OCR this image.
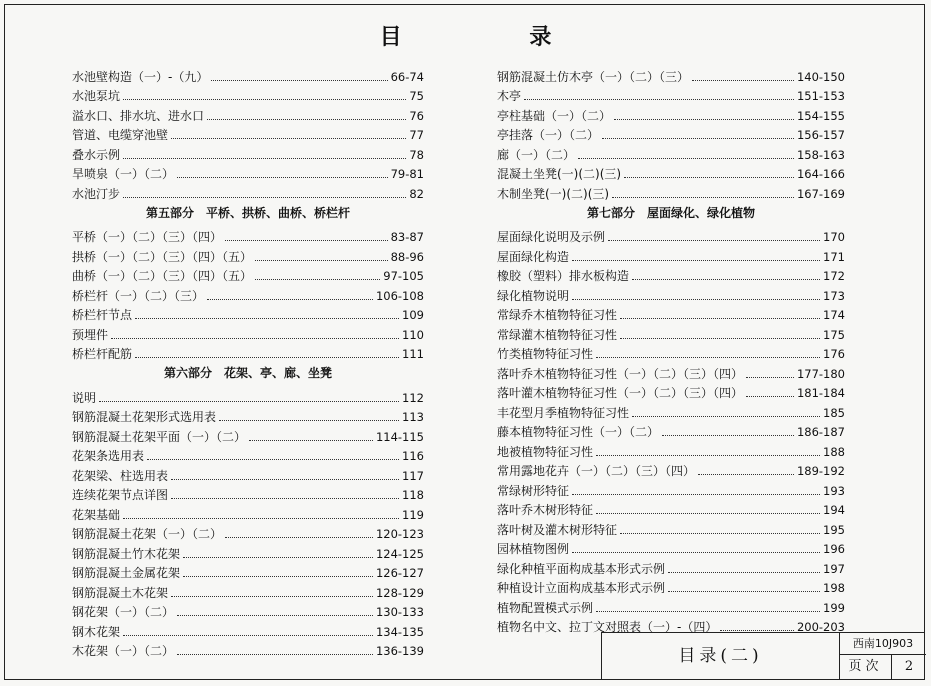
目 录
水池壁构造（一）-（九）	66-74
水池泵坑	75
溢水口、排水坑、进水口	76
管道、电缆穿池壁	77
叠水示例	78
旱喷泉（一）（二）	79-81
水池汀步	82
第五部分　平桥、拱桥、曲桥、桥栏杆
平桥（一）（二）（三）（四）	83-87
拱桥（一）（二）（三）（四）（五）	88-96
曲桥（一）（二）（三）（四）（五）	97-105
桥栏杆（一）（二）（三）	106-108
桥栏杆节点	109
预埋件	110
桥栏杆配筋	111
第六部分　花架、亭、廊、坐凳
说明	112
钢筋混凝土花架形式选用表	113
钢筋混凝土花架平面（一）（二）	114-115
花架条选用表	116
花架梁、柱选用表	117
连续花架节点详图	118
花架基础	119
钢筋混凝土花架（一）（二）	120-123
钢筋混凝土竹木花架	124-125
钢筋混凝土金属花架	126-127
钢筋混凝土木花架	128-129
钢花架（一）（二）	130-133
钢木花架	134-135
木花架（一）（二）	136-139
钢筋混凝土仿木亭（一）（二）（三）	140-150
木亭	151-153
亭柱基础（一）（二）	154-155
亭挂落（一）（二）	156-157
廊（一）（二）	158-163
混凝土坐凳(一)(二)(三)	164-166
木制坐凳(一)(二)(三)	167-169
第七部分　屋面绿化、绿化植物
屋面绿化说明及示例	170
屋面绿化构造	171
橡胶（塑料）排水板构造	172
绿化植物说明	173
常绿乔木植物特征习性	174
常绿灌木植物特征习性	175
竹类植物特征习性	176
落叶乔木植物特征习性（一）（二）（三）（四）	177-180
落叶灌木植物特征习性（一）（二）（三）（四）	181-184
丰花型月季植物特征习性	185
藤本植物特征习性（一）（二）	186-187
地被植物特征习性	188
常用露地花卉（一）（二）（三）（四）	189-192
常绿树形特征	193
落叶乔木树形特征	194
落叶树及灌木树形特征	195
园林植物图例	196
绿化种植平面构成基本形式示例	197
种植设计立面构成基本形式示例	198
植物配置模式示例	199
植物名中文、拉丁文对照表（一）-（四）	200-203
目录(二)
西南10J903
页次	2
